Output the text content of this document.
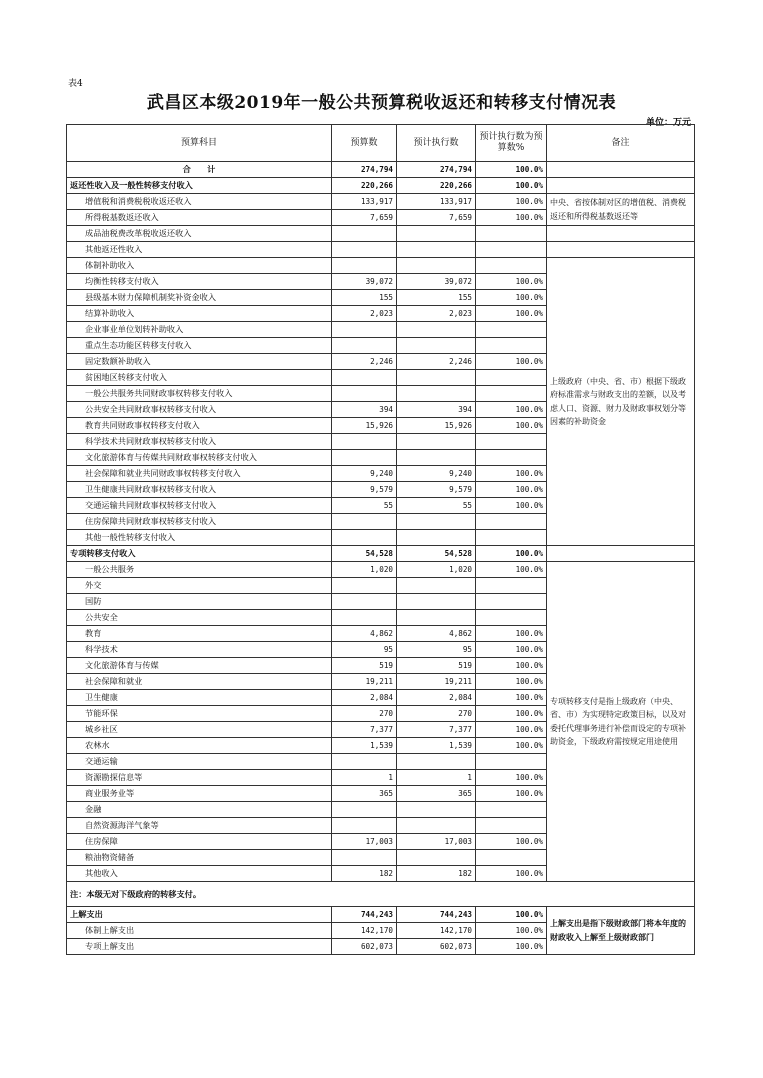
表4
武昌区本级2019年一般公共预算税收返还和转移支付情况表
单位：万元
预算科目	预算数	预计执行数	预计执行数为预算数%	备注
合　　计	274,794	274,794	100.0%	
返还性收入及一般性转移支付收入	220,266	220,266	100.0%	
增值税和消费税税收返还收入	133,917	133,917	100.0%	中央、省按体制对区的增值税、消费税返还和所得税基数返还等
所得税基数返还收入	7,659	7,659	100.0%	
成品油税费改革税收返还收入				
其他返还性收入				
体制补助收入				上级政府（中央、省、市）根据下级政府标准需求与财政支出的差额，以及考虑人口、资源、财力及财政事权划分等因素的补助资金
均衡性转移支付收入	39,072	39,072	100.0%	
县级基本财力保障机制奖补资金收入	155	155	100.0%	
结算补助收入	2,023	2,023	100.0%	
企业事业单位划转补助收入				
重点生态功能区转移支付收入				
固定数额补助收入	2,246	2,246	100.0%	
贫困地区转移支付收入				
一般公共服务共同财政事权转移支付收入				
公共安全共同财政事权转移支付收入	394	394	100.0%	
教育共同财政事权转移支付收入	15,926	15,926	100.0%	
科学技术共同财政事权转移支付收入				
文化旅游体育与传媒共同财政事权转移支付收入				
社会保障和就业共同财政事权转移支付收入	9,240	9,240	100.0%	
卫生健康共同财政事权转移支付收入	9,579	9,579	100.0%	
交通运输共同财政事权转移支付收入	55	55	100.0%	
住房保障共同财政事权转移支付收入				
其他一般性转移支付收入				
专项转移支付收入	54,528	54,528	100.0%	
一般公共服务	1,020	1,020	100.0%	专项转移支付是指上级政府（中央、省、市）为实现特定政策目标，以及对委托代理事务进行补偿而设定的专项补助资金，下级政府需按规定用途使用
外交				
国防				
公共安全				
教育	4,862	4,862	100.0%	
科学技术	95	95	100.0%	
文化旅游体育与传媒	519	519	100.0%	
社会保障和就业	19,211	19,211	100.0%	
卫生健康	2,084	2,084	100.0%	
节能环保	270	270	100.0%	
城乡社区	7,377	7,377	100.0%	
农林水	1,539	1,539	100.0%	
交通运输				
资源勘探信息等	1	1	100.0%	
商业服务业等	365	365	100.0%	
金融				
自然资源海洋气象等				
住房保障	17,003	17,003	100.0%	
粮油物资储备				
其他收入	182	182	100.0%	
注：本级无对下级政府的转移支付。				
上解支出	744,243	744,243	100.0%	上解支出是指下级财政部门将本年度的财政收入上解至上级财政部门
体制上解支出	142,170	142,170	100.0%	
专项上解支出	602,073	602,073	100.0%	
